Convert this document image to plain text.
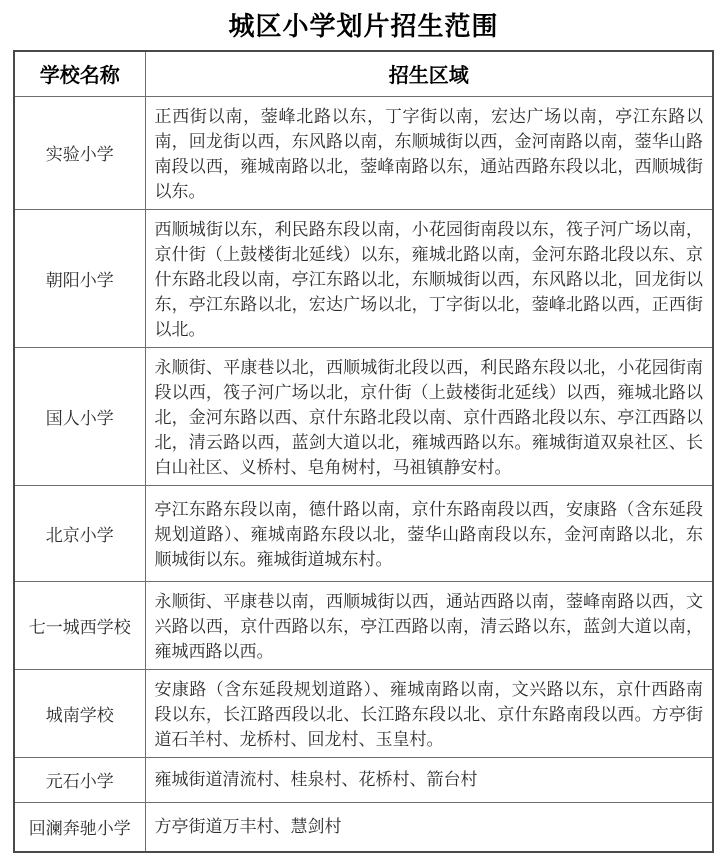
城区小学划片招生范围
学校名称	招生区域
实验小学	正西街以南，蓥峰北路以东，丁字街以南，宏达广场以南，亭江东路以南，回龙街以西，东风路以南，东顺城街以西，金河南路以南，蓥华山路南段以西，雍城南路以北，蓥峰南路以东，通站西路东段以北，西顺城街以东。
朝阳小学	西顺城街以东，利民路东段以南，小花园街南段以东，筏子河广场以南，京什街（上鼓楼街北延线）以东，雍城北路以南，金河东路北段以东、京什东路北段以南，亭江东路以北，东顺城街以西，东风路以北，回龙街以东，亭江东路以北，宏达广场以北，丁字街以北，蓥峰北路以西，正西街以北。
国人小学	永顺街、平康巷以北，西顺城街北段以西，利民路东段以北，小花园街南段以西，筏子河广场以北，京什街（上鼓楼街北延线）以西，雍城北路以北，金河东路以西、京什东路北段以南、京什西路北段以东、亭江西路以北，清云路以西，蓝剑大道以北，雍城西路以东。雍城街道双泉社区、长白山社区、义桥村、皂角树村，马祖镇静安村。
北京小学	亭江东路东段以南，德什路以南，京什东路南段以西，安康路（含东延段规划道路）、雍城南路东段以北，蓥华山路南段以东，金河南路以北，东顺城街以东。雍城街道城东村。
七一城西学校	永顺街、平康巷以南，西顺城街以西，通站西路以南，蓥峰南路以西，文兴路以西，京什西路以东，亭江西路以南，清云路以东，蓝剑大道以南，雍城西路以西。
城南学校	安康路（含东延段规划道路）、雍城南路以南，文兴路以东，京什西路南段以东，长江路西段以北、长江路东段以北、京什东路南段以西。方亭街道石羊村、龙桥村、回龙村、玉皇村。
元石小学	雍城街道清流村、桂泉村、花桥村、箭台村
回澜奔驰小学	方亭街道万丰村、慧剑村
